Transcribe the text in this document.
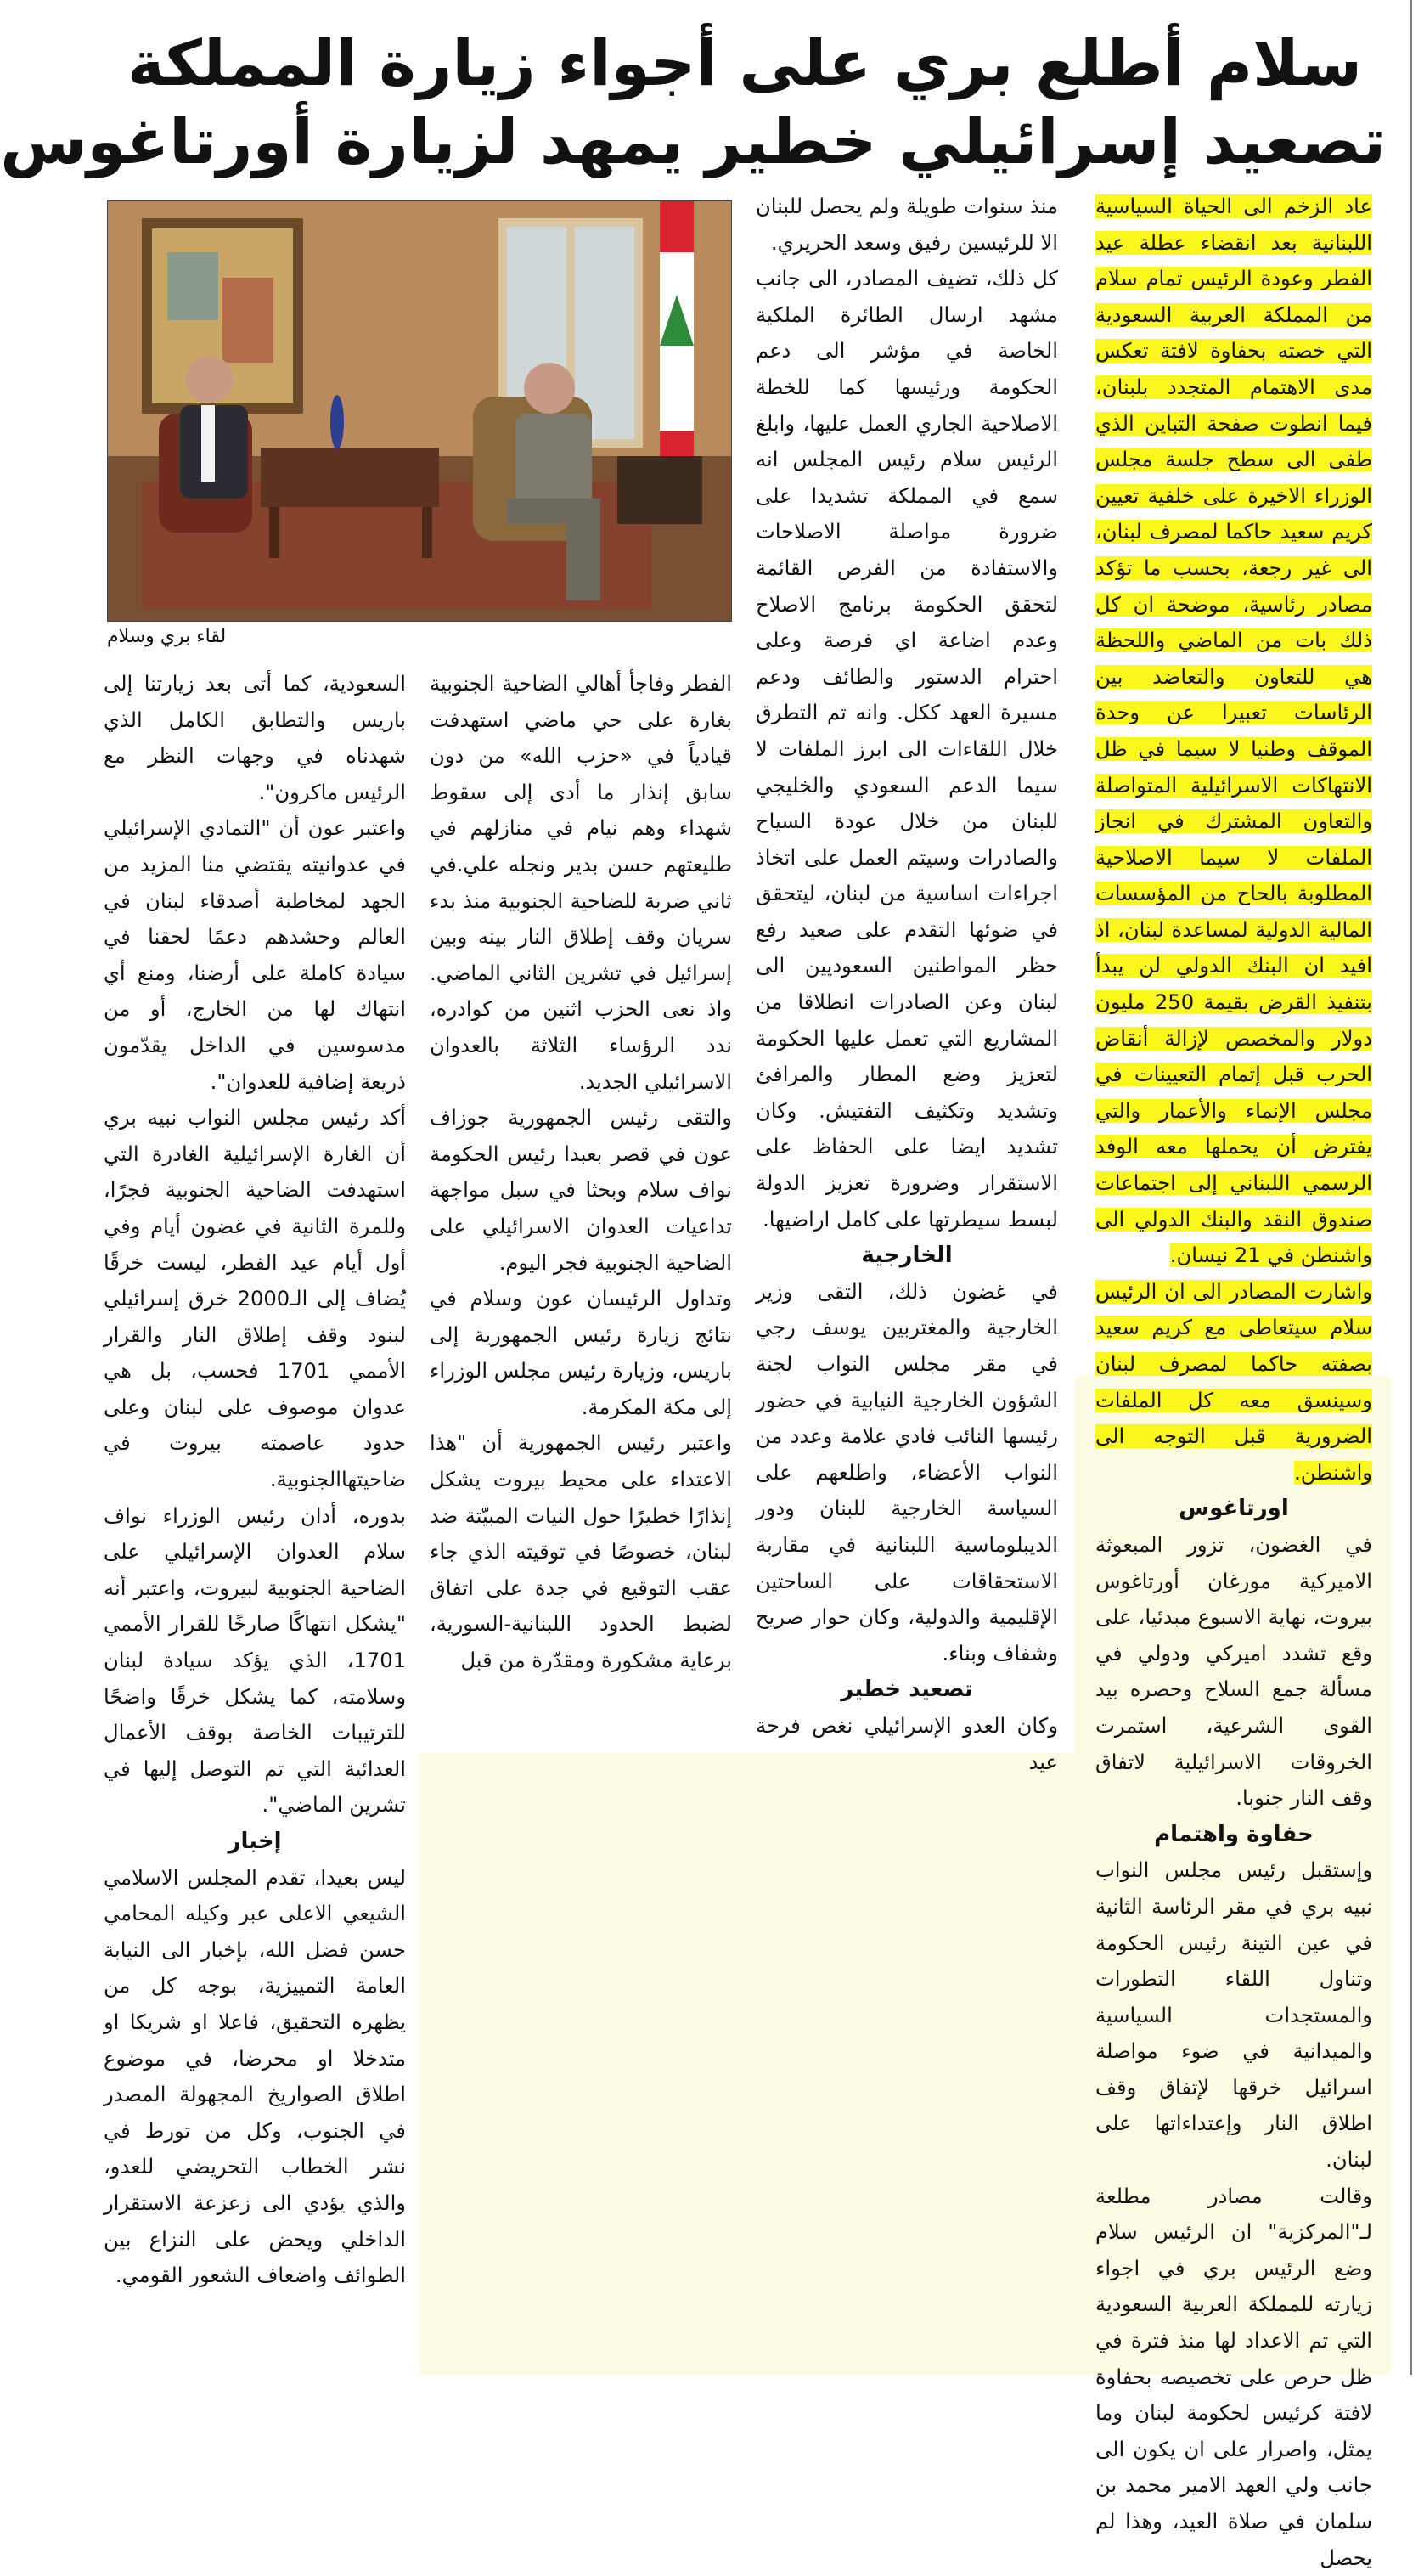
سلام أطلع بري على أجواء زيارة المملكة
تصعيد إسرائيلي خطير يمهد لزيارة أورتاغوس

عاد الزخم الى الحياة السياسية اللبنانية بعد انقضاء عطلة عيد الفطر وعودة الرئيس تمام سلام من المملكة العربية السعودية التي خصته بحفاوة لافتة تعكس مدى الاهتمام المتجدد بلبنان، فيما انطوت صفحة التباين الذي طفى الى سطح جلسة مجلس الوزراء الاخيرة على خلفية تعيين كريم سعيد حاكما لمصرف لبنان، الى غير رجعة، بحسب ما تؤكد مصادر رئاسية، موضحة ان كل ذلك بات من الماضي واللحظة هي للتعاون والتعاضد بين الرئاسات تعبيرا عن وحدة الموقف وطنيا لا سيما في ظل الانتهاكات الاسرائيلية المتواصلة والتعاون المشترك في انجاز الملفات لا سيما الاصلاحية المطلوبة بالحاح من المؤسسات المالية الدولية لمساعدة لبنان، اذ افيد ان البنك الدولي لن يبدأ بتنفيذ القرض بقيمة 250 مليون دولار والمخصص لإزالة أنقاض الحرب قبل إتمام التعيينات في مجلس الإنماء والأعمار والتي يفترض أن يحملها معه الوفد الرسمي اللبناني إلى اجتماعات صندوق النقد والبنك الدولي الى واشنطن في 21 نيسان.

واشارت المصادر الى ان الرئيس سلام سيتعاطى مع كريم سعيد بصفته حاكما لمصرف لبنان وسينسق معه كل الملفات الضرورية قبل التوجه الى واشنطن.

اورتاغوس

في الغضون، تزور المبعوثة الاميركية مورغان أورتاغوس بيروت، نهاية الاسبوع مبدئيا، على وقع تشدد اميركي ودولي في مسألة جمع السلاح وحصره بيد القوى الشرعية، استمرت الخروقات الاسرائيلية لاتفاق وقف النار جنوبا.

حفاوة واهتمام

وإستقبل رئيس مجلس النواب نبيه بري في مقر الرئاسة الثانية في عين التينة رئيس الحكومة وتناول اللقاء التطورات والمستجدات السياسية والميدانية في ضوء مواصلة اسرائيل خرقها لإتفاق وقف اطلاق النار وإعتداءاتها على لبنان.

وقالت مصادر مطلعة لـ"المركزية" ان الرئيس سلام وضع الرئيس بري في اجواء زيارته للمملكة العربية السعودية التي تم الاعداد لها منذ فترة في ظل حرص على تخصيصه بحفاوة لافتة كرئيس لحكومة لبنان وما يمثل، واصرار على ان يكون الى جانب ولي العهد الامير محمد بن سلمان في صلاة العيد، وهذا لم يحصل

منذ سنوات طويلة ولم يحصل للبنان الا للرئيسين رفيق وسعد الحريري.

كل ذلك، تضيف المصادر، الى جانب مشهد ارسال الطائرة الملكية الخاصة في مؤشر الى دعم الحكومة ورئيسها كما للخطة الاصلاحية الجاري العمل عليها، وابلغ الرئيس سلام رئيس المجلس انه سمع في المملكة تشديدا على ضرورة مواصلة الاصلاحات والاستفادة من الفرص القائمة لتحقق الحكومة برنامج الاصلاح وعدم اضاعة اي فرصة وعلى احترام الدستور والطائف ودعم مسيرة العهد ككل. وانه تم التطرق خلال اللقاءات الى ابرز الملفات لا سيما الدعم السعودي والخليجي للبنان من خلال عودة السياح والصادرات وسيتم العمل على اتخاذ اجراءات اساسية من لبنان، ليتحقق في ضوئها التقدم على صعيد رفع حظر المواطنين السعوديين الى لبنان وعن الصادرات انطلاقا من المشاريع التي تعمل عليها الحكومة لتعزيز وضع المطار والمرافئ وتشديد وتكثيف التفتيش. وكان تشديد ايضا على الحفاظ على الاستقرار وضرورة تعزيز الدولة لبسط سيطرتها على كامل اراضيها.

الخارجية

في غضون ذلك، التقى وزير الخارجية والمغتربين يوسف رجي في مقر مجلس النواب لجنة الشؤون الخارجية النيابية في حضور رئيسها النائب فادي علامة وعدد من النواب الأعضاء، واطلعهم على السياسة الخارجية للبنان ودور الديبلوماسية اللبنانية في مقاربة الاستحقاقات على الساحتين الإقليمية والدولية، وكان حوار صريح وشفاف وبناء.

تصعيد خطير

وكان العدو الإسرائيلي نغص فرحة عيد

لقاء بري وسلام

الفطر وفاجأ أهالي الضاحية الجنوبية بغارة على حي ماضي استهدفت قيادياً في «حزب الله» من دون سابق إنذار ما أدى إلى سقوط شهداء وهم نيام في منازلهم في طليعتهم حسن بدير ونجله علي.في ثاني ضربة للضاحية الجنوبية منذ بدء سريان وقف إطلاق النار بينه وبين إسرائيل في تشرين الثاني الماضي. واذ نعى الحزب اثنين من كوادره، ندد الرؤساء الثلاثة بالعدوان الاسرائيلي الجديد.

والتقى رئيس الجمهورية جوزاف عون في قصر بعبدا رئيس الحكومة نواف سلام وبحثا في سبل مواجهة تداعيات العدوان الاسرائيلي على الضاحية الجنوبية فجر اليوم.

وتداول الرئيسان عون وسلام في نتائج زيارة رئيس الجمهورية إلى باريس، وزيارة رئيس مجلس الوزراء إلى مكة المكرمة.

واعتبر رئيس الجمهورية أن "هذا الاعتداء على محيط بيروت يشكل إنذارًا خطيرًا حول النيات المبيّتة ضد لبنان، خصوصًا في توقيته الذي جاء عقب التوقيع في جدة على اتفاق لضبط الحدود اللبنانية-السورية، برعاية مشكورة ومقدّرة من قبل

السعودية، كما أتى بعد زيارتنا إلى باريس والتطابق الكامل الذي شهدناه في وجهات النظر مع الرئيس ماكرون".

واعتبر عون أن "التمادي الإسرائيلي في عدوانيته يقتضي منا المزيد من الجهد لمخاطبة أصدقاء لبنان في العالم وحشدهم دعمًا لحقنا في سيادة كاملة على أرضنا، ومنع أي انتهاك لها من الخارج، أو من مدسوسين في الداخل يقدّمون ذريعة إضافية للعدوان".

أكد رئيس مجلس النواب نبيه بري أن الغارة الإسرائيلية الغادرة التي استهدفت الضاحية الجنوبية فجرًا، وللمرة الثانية في غضون أيام وفي أول أيام عيد الفطر، ليست خرقًا يُضاف إلى الـ2000 خرق إسرائيلي لبنود وقف إطلاق النار والقرار الأممي 1701 فحسب، بل هي عدوان موصوف على لبنان وعلى حدود عاصمته بيروت في ضاحيتهاالجنوبية.

بدوره، أدان رئيس الوزراء نواف سلام العدوان الإسرائيلي على الضاحية الجنوبية لبيروت، واعتبر أنه "يشكل انتهاكًا صارخًا للقرار الأممي 1701، الذي يؤكد سيادة لبنان وسلامته، كما يشكل خرقًا واضحًا للترتيبات الخاصة بوقف الأعمال العدائية التي تم التوصل إليها في تشرين الماضي".

إخبار

ليس بعيدا، تقدم المجلس الاسلامي الشيعي الاعلى عبر وكيله المحامي حسن فضل الله، بإخبار الى النيابة العامة التمييزية، بوجه كل من يظهره التحقيق، فاعلا او شريكا او متدخلا او محرضا، في موضوع اطلاق الصواريخ المجهولة المصدر في الجنوب، وكل من تورط في نشر الخطاب التحريضي للعدو، والذي يؤدي الى زعزعة الاستقرار الداخلي ويحض على النزاع بين الطوائف واضعاف الشعور القومي.
